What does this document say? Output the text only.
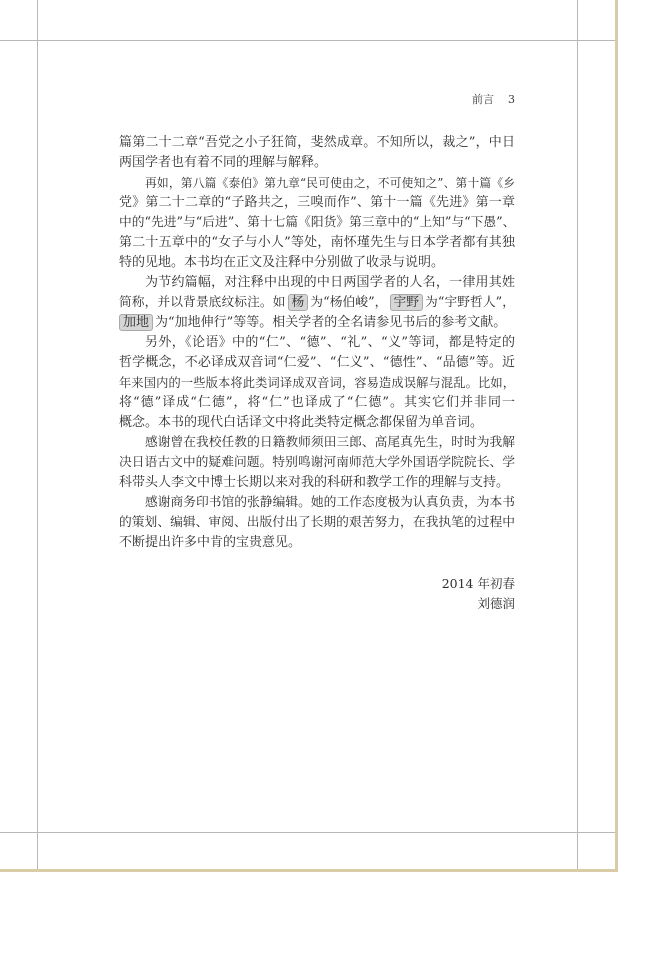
前言 3
篇第二十二章“吾党之小子狂简，斐然成章。不知所以，裁之”，中日
两国学者也有着不同的理解与解释。
再如，第八篇《泰伯》第九章“民可使由之，不可使知之”、第十篇《乡
党》第二十二章的“子路共之，三嗅而作”、第十一篇《先进》第一章
中的“先进”与“后进”、第十七篇《阳货》第三章中的“上知”与“下愚”、
第二十五章中的“女子与小人”等处，南怀瑾先生与日本学者都有其独
特的见地。本书均在正文及注释中分别做了收录与说明。
为节约篇幅，对注释中出现的中日两国学者的人名，一律用其姓
简称，并以背景底纹标注。如 杨 为“杨伯峻”， 宇野 为“宇野哲人”，
加地 为“加地伸行”等等。相关学者的全名请参见书后的参考文献。
另外，《论语》中的“仁”、“德”、“礼”、“义”等词，都是特定的
哲学概念，不必译成双音词“仁爱”、“仁义”、“德性”、“品德”等。近
年来国内的一些版本将此类词译成双音词，容易造成误解与混乱。比如，
将“德”译成“仁德”，将“仁”也译成了“仁德”。其实它们并非同一
概念。本书的现代白话译文中将此类特定概念都保留为单音词。
感谢曾在我校任教的日籍教师须田三郎、高尾真先生，时时为我解
决日语古文中的疑难问题。特别鸣谢河南师范大学外国语学院院长、学
科带头人李文中博士长期以来对我的科研和教学工作的理解与支持。
感谢商务印书馆的张静编辑。她的工作态度极为认真负责，为本书
的策划、编辑、审阅、出版付出了长期的艰苦努力，在我执笔的过程中
不断提出许多中肯的宝贵意见。
2014 年初春
刘德润
